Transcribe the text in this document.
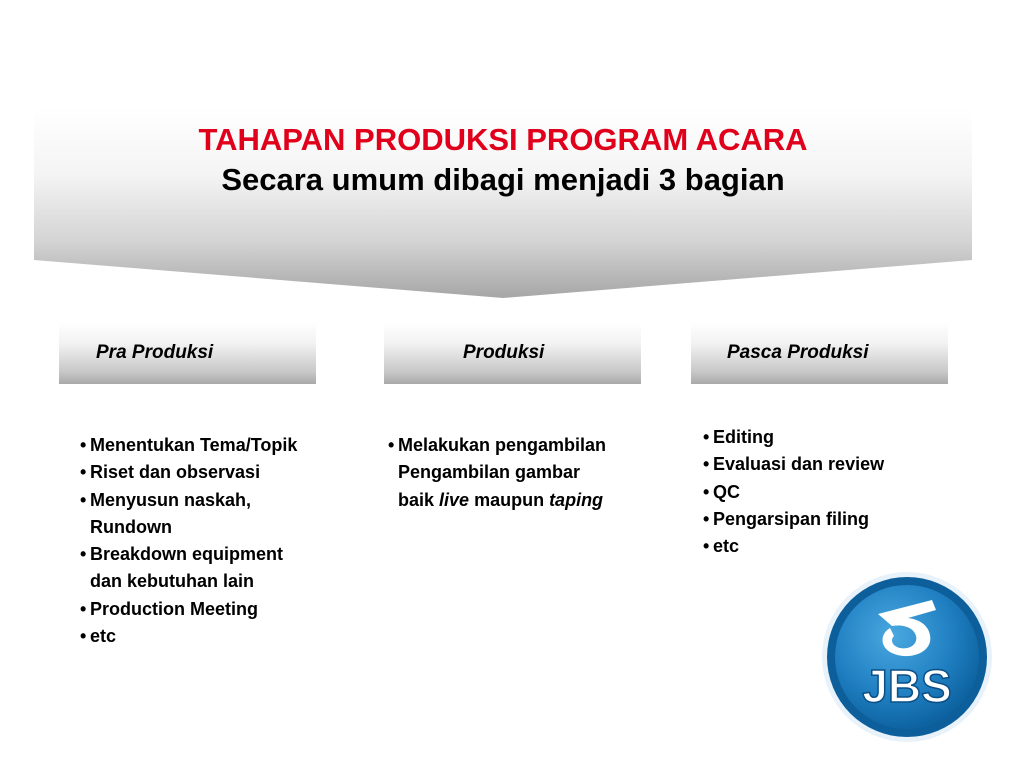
TAHAPAN PRODUKSI PROGRAM ACARA
Secara umum dibagi menjadi 3 bagian
Pra Produksi	Produksi	Pasca Produksi
• Menentukan Tema/Topik
• Riset dan observasi
• Menyusun naskah,
Rundown
• Breakdown equipment
dan kebutuhan lain
• Production Meeting
• etc
• Melakukan pengambilan
Pengambilan gambar
baik live maupun taping
• Editing
• Evaluasi dan review
• QC
• Pengarsipan filing
• etc
JBS
